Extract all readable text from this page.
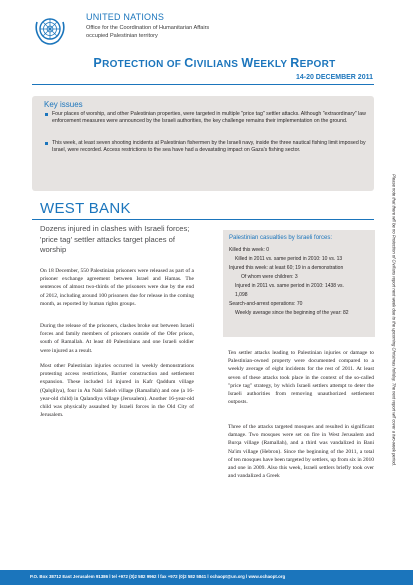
UNITED NATIONS
Office for the Coordination of Humanitarian Affairs
occupied Palestinian territory
PROTECTION OF CIVILIANS WEEKLY REPORT
14-20 DECEMBER 2011
Key issues
Four places of worship, and other Palestinian properties, were targeted in multiple "price tag" settler attacks. Although "extraordinary" law enforcement measures were announced by the Israeli authorities, the key challenge remains their implementation on the ground.
This week, at least seven shooting incidents at Palestinian fishermen by the Israeli navy, inside the three nautical fishing limit imposed by Israel, were recorded. Access restrictions to the sea have had a devastating impact on Gaza's fishing sector.
Please note that there will be no Protection of Civilians report next week due to the upcoming Christmas holiday. The next report will cover a two-week period.
WEST BANK
Dozens injured in clashes with Israeli forces; 'price tag' settler attacks target places of worship

On 18 December, 550 Palestinian prisoners were released as part of a prisoner exchange agreement between Israel and Hamas. The sentences of almost two-thirds of the prisoners were due by the end of 2012, including around 100 prisoners due for release in the coming month, as reported by human rights groups.

During the release of the prisoners, clashes broke out between Israeli forces and family members of prisoners outside of the Ofer prison, south of Ramallah. At least 40 Palestinians and one Israeli soldier were injured as a result.

Most other Palestinian injuries occurred in weekly demonstrations protesting access restrictions, Barrier construction and settlement expansion. These included 14 injured in Kafr Qaddum village (Qalqiliya), four in An Nabi Saleh village (Ramallah) and one (a 16-year-old child) in Qalandiya village (Jerusalem). Another 16-year-old child was physically assaulted by Israeli forces in the Old City of Jerusalem.

Palestinian casualties by Israeli forces:
Killed this week: 0
Killed in 2011 vs. same period in 2010: 10 vs. 13
Injured this week: at least 60; 19 in a demonstration
Of whom were children: 3
Injured in 2011 vs. same period in 2010: 1438 vs.
1,098
Search-and-arrest operations: 70
Weekly average since the beginning of the year: 82

Ten settler attacks leading to Palestinian injuries or damage to Palestinian-owned property were documented compared to a weekly average of eight incidents for the rest of 2011. At least seven of these attacks took place in the context of the so-called "price tag" strategy, by which Israeli settlers attempt to deter the Israeli authorities from removing unauthorized settlement outposts.

Three of the attacks targeted mosques and resulted in significant damage. Two mosques were set on fire in West Jerusalem and Burqa village (Ramallah), and a third was vandalized in Bani Na'im village (Hebron). Since the beginning of the 2011, a total of ten mosques have been targeted by settlers, up from six in 2010 and one in 2009. Also this week, Israeli settlers briefly took over and vandalized a Greek

P.O. Box 38712 East Jerusalem 91386 l tel +972 (0)2 582 9962 l fax +972 (0)2 582 5841 l ochaopt@un.org l www.ochaopt.org
